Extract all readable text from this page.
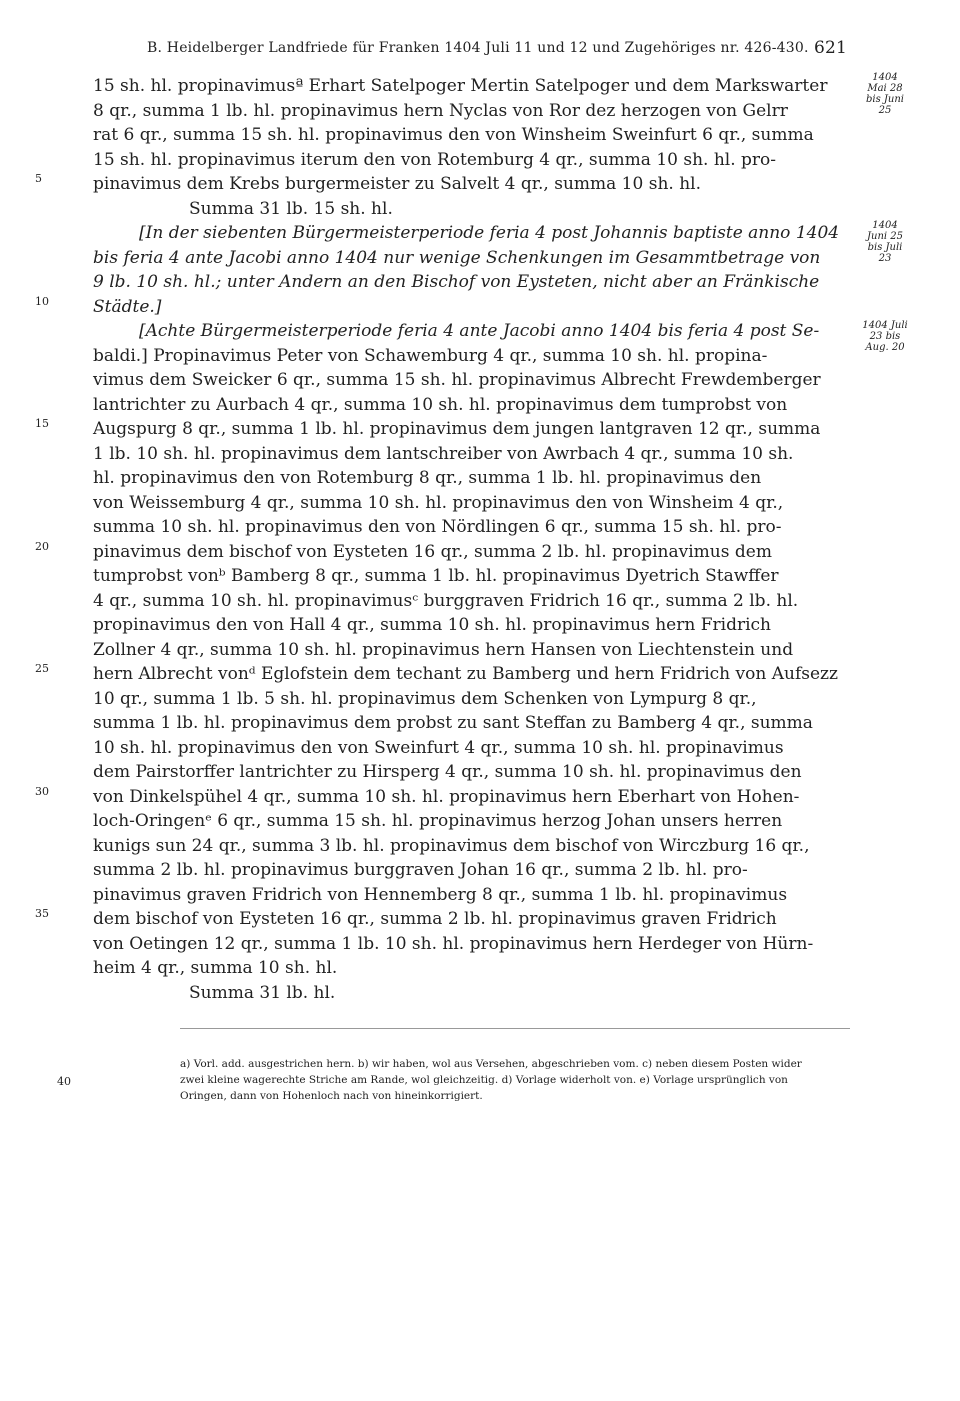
B. Heidelberger Landfriede für Franken 1404 Juli 11 und 12 und Zugehöriges nr. 426-430. 621
5
10
15
20
25
30
35
1404 Mai 28 bis Juni 25
1404 Juni 25 bis Juli 23
1404 Juli 23 bis Aug. 20
15 sh. hl. propinavimusª Erhart Satelpoger Mertin Satelpoger und dem Markswarter
8 qr., summa 1 lb. hl. propinavimus hern Nyclas von Ror dez herzogen von Gelrr
rat 6 qr., summa 15 sh. hl. propinavimus den von Winsheim Sweinfurt 6 qr., summa
15 sh. hl. propinavimus iterum den von Rotemburg 4 qr., summa 10 sh. hl. pro-
pinavimus dem Krebs burgermeister zu Salvelt 4 qr., summa 10 sh. hl.
Summa 31 lb. 15 sh. hl.
[In der siebenten Bürgermeisterperiode feria 4 post Johannis baptiste anno 1404
bis feria 4 ante Jacobi anno 1404 nur wenige Schenkungen im Gesammtbetrage von
9 lb. 10 sh. hl.; unter Andern an den Bischof von Eysteten, nicht aber an Fränkische
Städte.]
[Achte Bürgermeisterperiode feria 4 ante Jacobi anno 1404 bis feria 4 post Se-
baldi.] Propinavimus Peter von Schawemburg 4 qr., summa 10 sh. hl. propina-
vimus dem Sweicker 6 qr., summa 15 sh. hl. propinavimus Albrecht Frewdemberger
lantrichter zu Aurbach 4 qr., summa 10 sh. hl. propinavimus dem tumprobst von
Augspurg 8 qr., summa 1 lb. hl. propinavimus dem jungen lantgraven 12 qr., summa
1 lb. 10 sh. hl. propinavimus dem lantschreiber von Awrbach 4 qr., summa 10 sh.
hl. propinavimus den von Rotemburg 8 qr., summa 1 lb. hl. propinavimus den
von Weissemburg 4 qr., summa 10 sh. hl. propinavimus den von Winsheim 4 qr.,
summa 10 sh. hl. propinavimus den von Nördlingen 6 qr., summa 15 sh. hl. pro-
pinavimus dem bischof von Eysteten 16 qr., summa 2 lb. hl. propinavimus dem
tumprobst vonᵇ Bamberg 8 qr., summa 1 lb. hl. propinavimus Dyetrich Stawffer
4 qr., summa 10 sh. hl. propinavimusᶜ burggraven Fridrich 16 qr., summa 2 lb. hl.
propinavimus den von Hall 4 qr., summa 10 sh. hl. propinavimus hern Fridrich
Zollner 4 qr., summa 10 sh. hl. propinavimus hern Hansen von Liechtenstein und
hern Albrecht vonᵈ Eglofstein dem techant zu Bamberg und hern Fridrich von Aufsezz
10 qr., summa 1 lb. 5 sh. hl. propinavimus dem Schenken von Lympurg 8 qr.,
summa 1 lb. hl. propinavimus dem probst zu sant Steffan zu Bamberg 4 qr., summa
10 sh. hl. propinavimus den von Sweinfurt 4 qr., summa 10 sh. hl. propinavimus
dem Pairstorffer lantrichter zu Hirsperg 4 qr., summa 10 sh. hl. propinavimus den
von Dinkelspühel 4 qr., summa 10 sh. hl. propinavimus hern Eberhart von Hohen-
loch-Oringenᵉ 6 qr., summa 15 sh. hl. propinavimus herzog Johan unsers herren
kunigs sun 24 qr., summa 3 lb. hl. propinavimus dem bischof von Wirczburg 16 qr.,
summa 2 lb. hl. propinavimus burggraven Johan 16 qr., summa 2 lb. hl. pro-
pinavimus graven Fridrich von Hennemberg 8 qr., summa 1 lb. hl. propinavimus
dem bischof von Eysteten 16 qr., summa 2 lb. hl. propinavimus graven Fridrich
von Oetingen 12 qr., summa 1 lb. 10 sh. hl. propinavimus hern Herdeger von Hürn-
heim 4 qr., summa 10 sh. hl.
Summa 31 lb. hl.
40
a) Vorl. add. ausgestrichen hern. b) wir haben, wol aus Versehen, abgeschrieben vom. c) neben diesem Posten wider
zwei kleine wagerechte Striche am Rande, wol gleichzeitig. d) Vorlage widerholt von. e) Vorlage ursprünglich von
Oringen, dann von Hohenloch nach von hineinkorrigiert.
